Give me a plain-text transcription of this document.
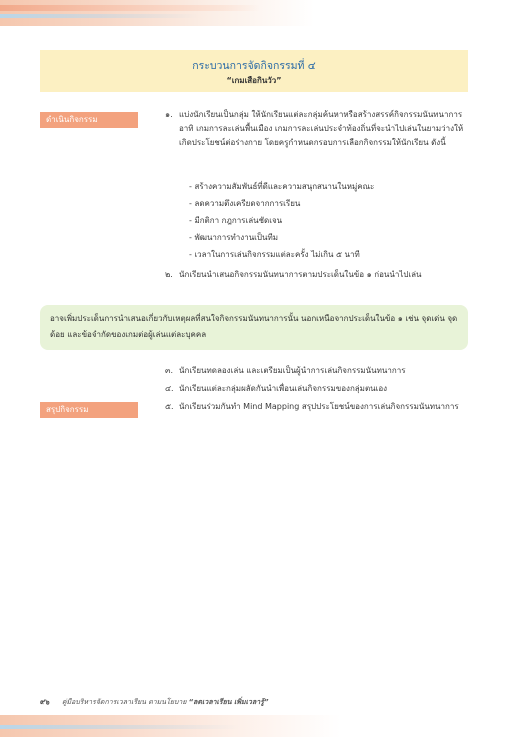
กระบวนการจัดกิจกรรมที่ ๔
“เกมเสือกินวัว”
ดำเนินกิจกรรม
๑. แบ่งนักเรียนเป็นกลุ่ม ให้นักเรียนแต่ละกลุ่มค้นหาหรือสร้างสรรค์กิจกรรมนันทนาการ อาทิ เกมการละเล่นพื้นเมือง เกมการละเล่นประจำท้องถิ่นที่จะนำไปเล่นในยามว่างให้เกิดประโยชน์ต่อร่างกาย โดยครูกำหนดกรอบการเลือกกิจกรรมให้นักเรียน ดังนี้
- สร้างความสัมพันธ์ที่ดีและความสนุกสนานในหมู่คณะ
- ลดความตึงเครียดจากการเรียน
- มีกติกา กฎการเล่นชัดเจน
- พัฒนาการทำงานเป็นทีม
- เวลาในการเล่นกิจกรรมแต่ละครั้ง ไม่เกิน ๕ นาที
๒. นักเรียนนำเสนอกิจกรรมนันทนาการตามประเด็นในข้อ ๑ ก่อนนำไปเล่น
อาจเพิ่มประเด็นการนำเสนอเกี่ยวกับเหตุผลที่สนใจกิจกรรมนันทนาการนั้น นอกเหนือจากประเด็นในข้อ ๑ เช่น จุดเด่น จุดด้อย และข้อจำกัดของเกมต่อผู้เล่นแต่ละบุคคล
๓. นักเรียนทดลองเล่น และเตรียมเป็นผู้นำการเล่นกิจกรรมนันทนาการ
๔. นักเรียนแต่ละกลุ่มผลัดกันนำเพื่อนเล่นกิจกรรมของกลุ่มตนเอง
สรุปกิจกรรม	๕. นักเรียนร่วมกันทำ Mind Mapping สรุปประโยชน์ของการเล่นกิจกรรมนันทนาการ
๙๖ คู่มือบริหารจัดการเวลาเรียน ตามนโยบาย “ลดเวลาเรียน เพิ่มเวลารู้”
